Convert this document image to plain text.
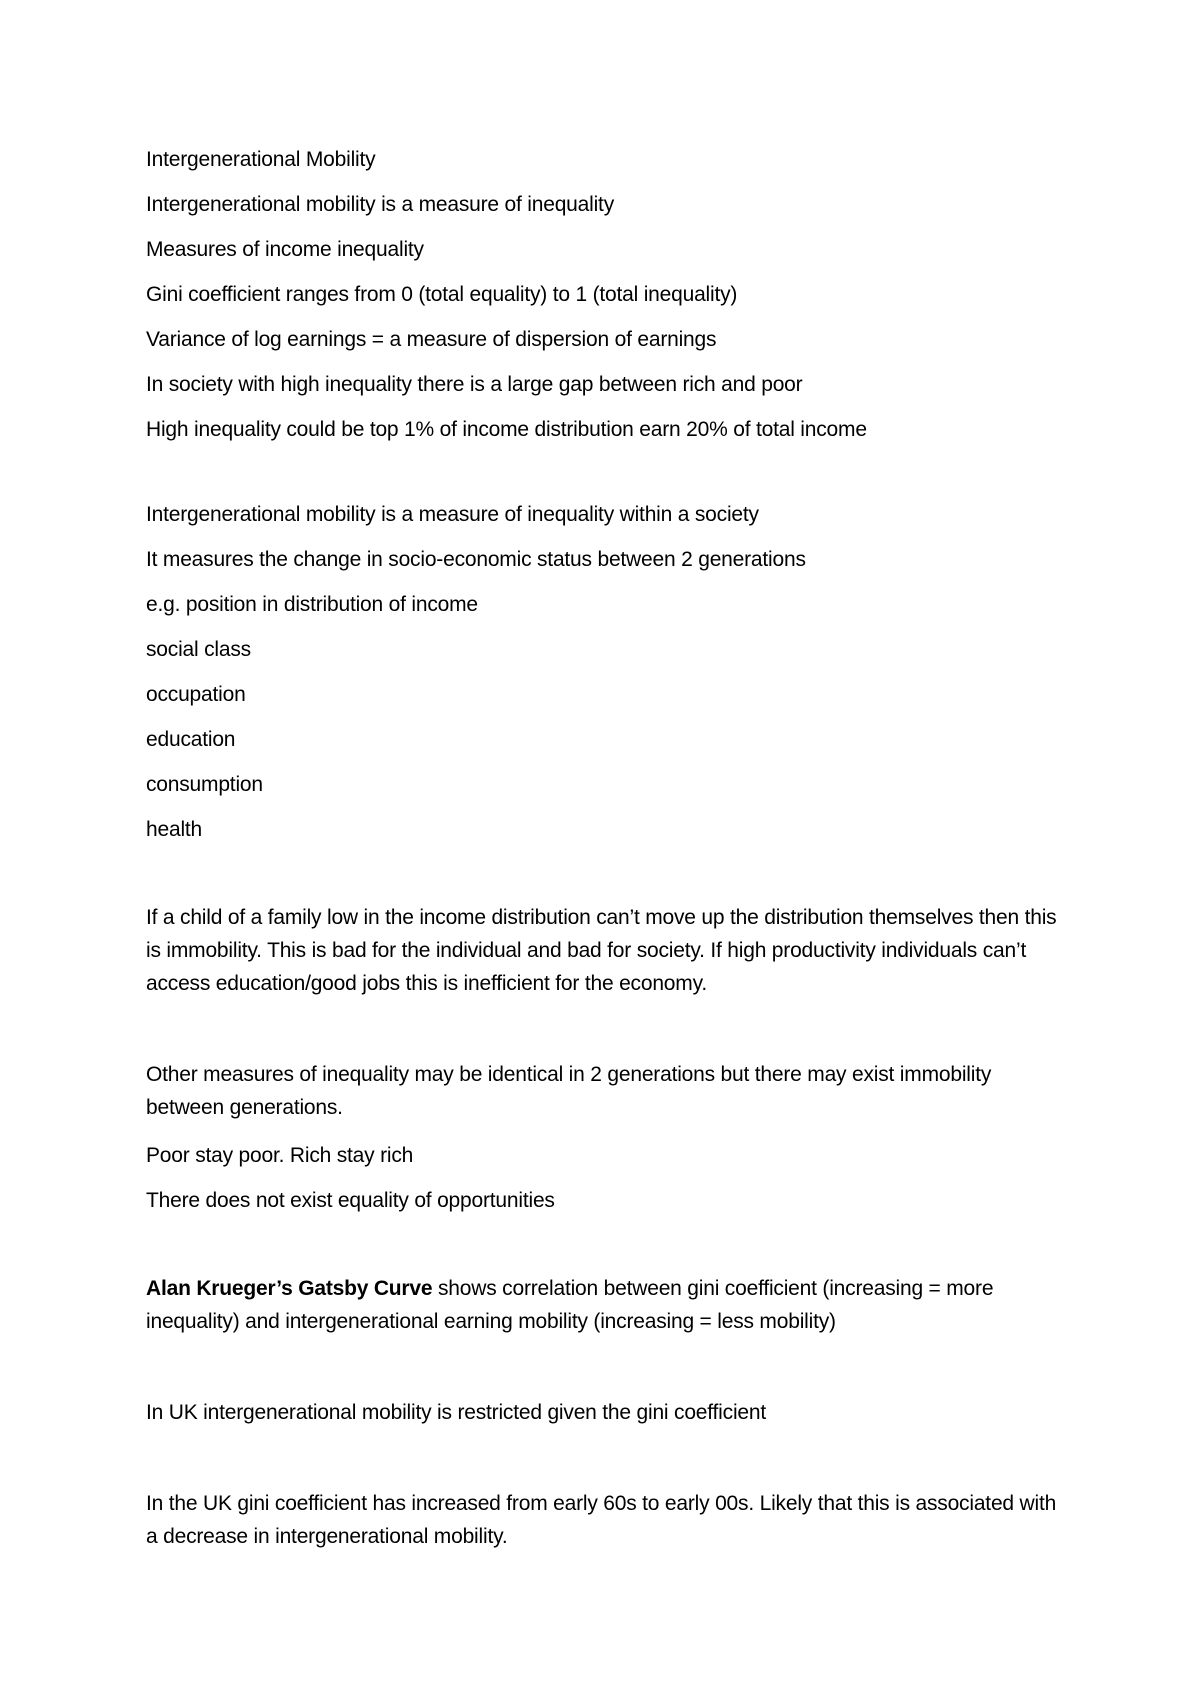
Intergenerational Mobility

Intergenerational mobility is a measure of inequality

Measures of income inequality

Gini coefficient ranges from 0 (total equality) to 1 (total inequality)

Variance of log earnings = a measure of dispersion of earnings

In society with high inequality there is a large gap between rich and poor

High inequality could be top 1% of income distribution earn 20% of total income

Intergenerational mobility is a measure of inequality within a society

It measures the change in socio-economic status between 2 generations

e.g. position in distribution of income

social class

occupation

education

consumption

health

If a child of a family low in the income distribution can’t move up the distribution themselves then this is immobility. This is bad for the individual and bad for society. If high productivity individuals can’t access education/good jobs this is inefficient for the economy.

Other measures of inequality may be identical in 2 generations but there may exist immobility between generations.

Poor stay poor. Rich stay rich

There does not exist equality of opportunities

Alan Krueger’s Gatsby Curve shows correlation between gini coefficient (increasing = more inequality) and intergenerational earning mobility (increasing = less mobility)

In UK intergenerational mobility is restricted given the gini coefficient

In the UK gini coefficient has increased from early 60s to early 00s. Likely that this is associated with a decrease in intergenerational mobility.
